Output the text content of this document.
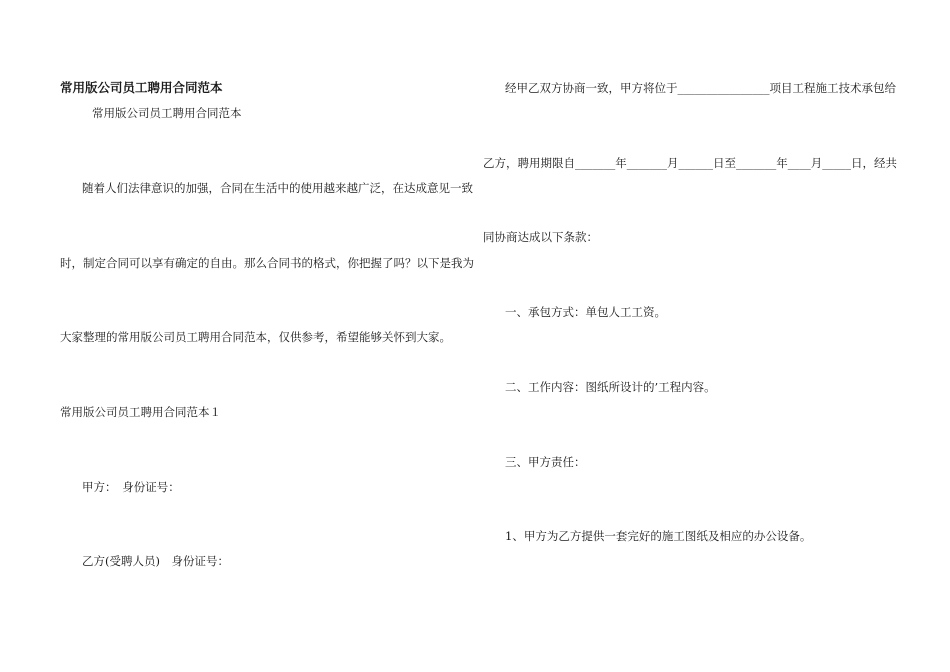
常用版公司员工聘用合同范本
常用版公司员工聘用合同范本
随着人们法律意识的加强，合同在生活中的使用越来越广泛，在达成意见一致
时，制定合同可以享有确定的自由。那么合同书的格式，你把握了吗？以下是我为
大家整理的常用版公司员工聘用合同范本，仅供参考，希望能够关怀到大家。
常用版公司员工聘用合同范本１
甲方：　身份证号：
乙方(受聘人员)　身份证号：
经甲乙双方协商一致，甲方将位于________________项目工程施工技术承包给
乙方，聘用期限自_______年_______月______日至_______年____月_____日，经共
同协商达成以下条款：
一、承包方式：单包人工工资。
二、工作内容：图纸所设计的’工程内容。
三、甲方责任：
1、甲方为乙方提供一套完好的施工图纸及相应的办公设备。
